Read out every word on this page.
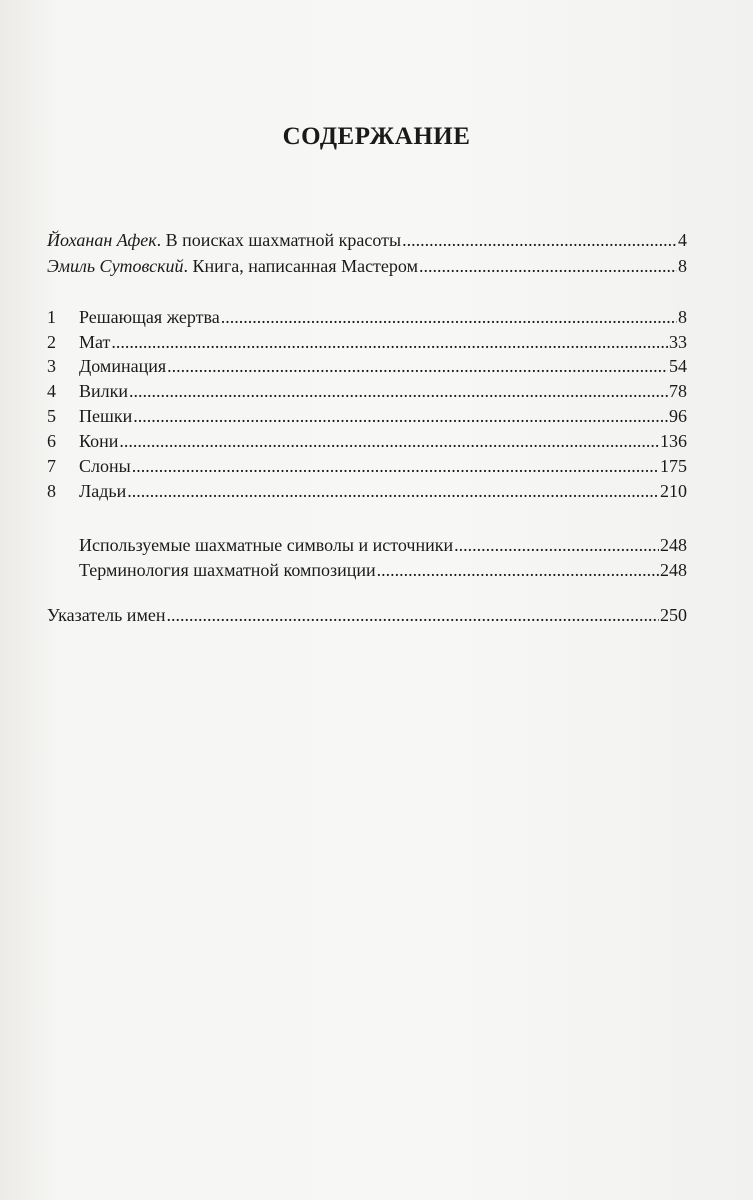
СОДЕРЖАНИЕ
Йоханан Афек. В поисках шахматной красоты .....	4
Эмиль Сутовский. Книга, написанная Мастером .....	8
1	Решающая жертва .....	8
2	Мат .....	33
3	Доминация .....	54
4	Вилки .....	78
5	Пешки .....	96
6	Кони .....	136
7	Слоны .....	175
8	Ладьи .....	210
Используемые шахматные символы и источники .....	248
Терминология шахматной композиции .....	248
Указатель имен .....	250
